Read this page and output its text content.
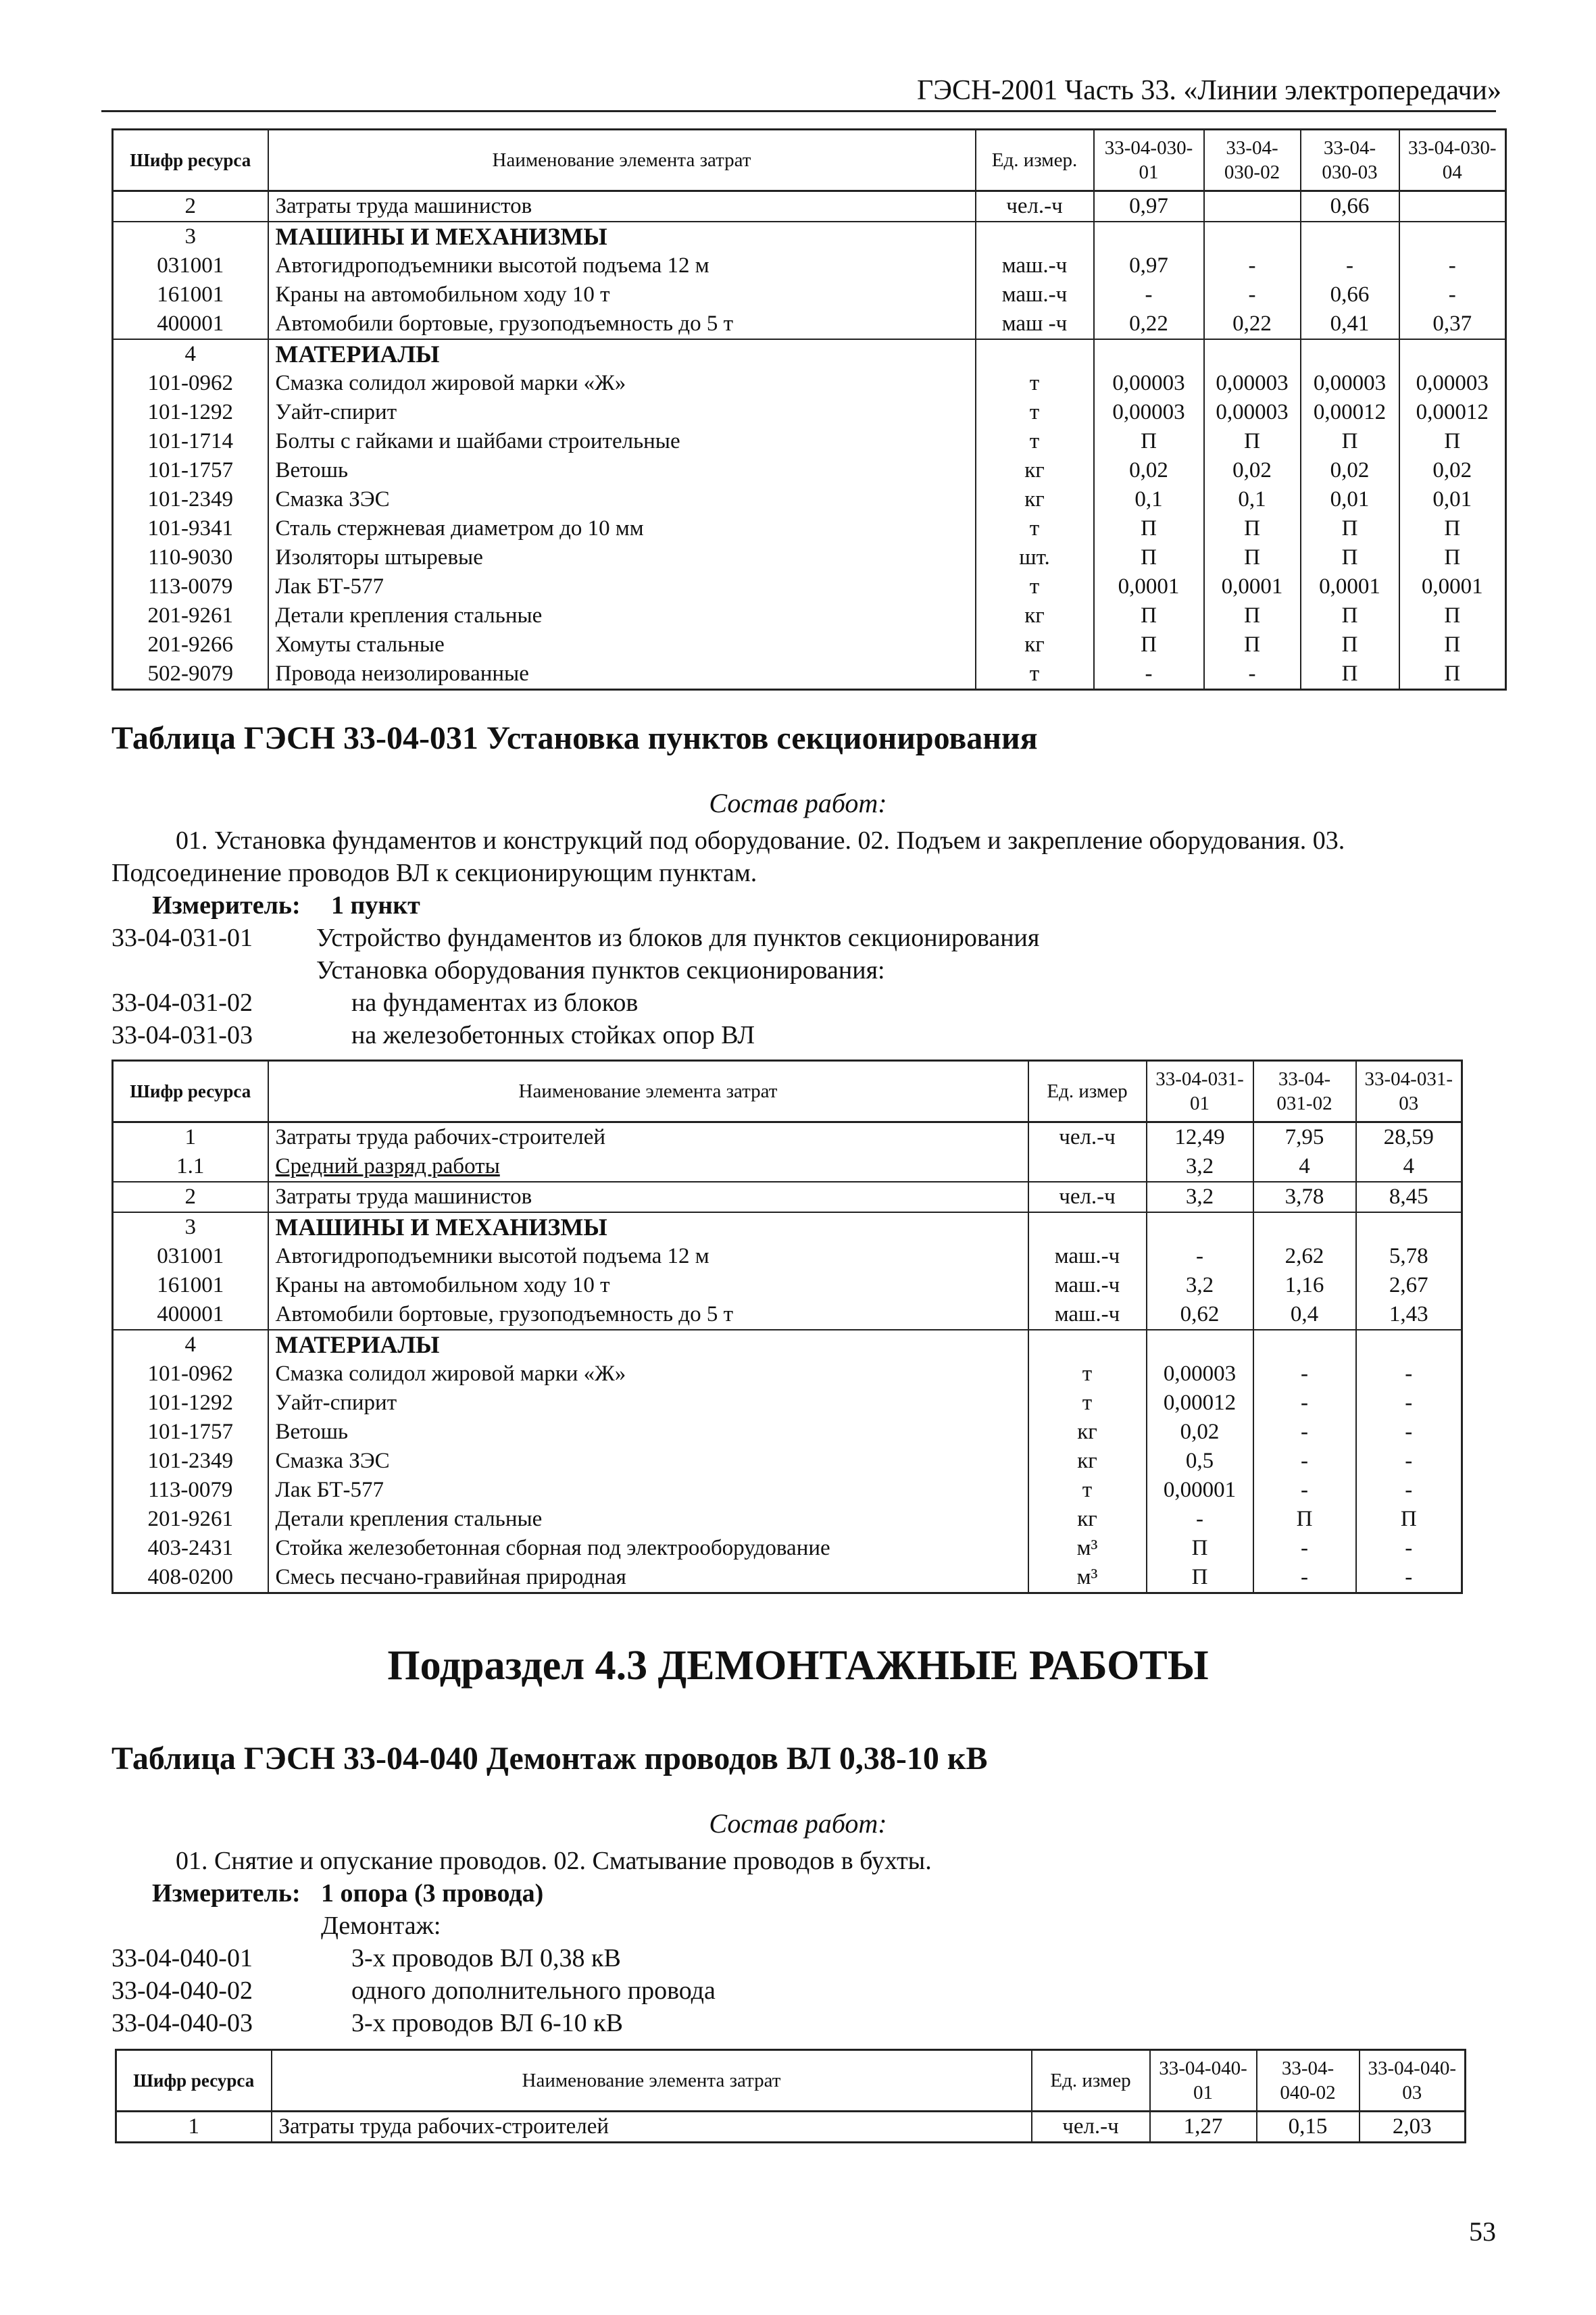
ГЭСН-2001 Часть 33. «Линии электропередачи»
Шифр ресурса	Наименование элемента затрат	Ед. измер.	33-04-030-01	33-04-030-02	33-04-030-03	33-04-030-04
2	Затраты труда машинистов	чел.-ч	0,97		0,66	
3	МАШИНЫ И МЕХАНИЗМЫ					
031001	Автогидроподъемники высотой подъема 12 м	маш.-ч	0,97	-	-	-
161001	Краны на автомобильном ходу 10 т	маш.-ч	-	-	0,66	-
400001	Автомобили бортовые, грузоподъемность до 5 т	маш -ч	0,22	0,22	0,41	0,37
4	МАТЕРИАЛЫ					
101-0962	Смазка солидол жировой марки «Ж»	т	0,00003	0,00003	0,00003	0,00003
101-1292	Уайт-спирит	т	0,00003	0,00003	0,00012	0,00012
101-1714	Болты с гайками и шайбами строительные	т	П	П	П	П
101-1757	Ветошь	кг	0,02	0,02	0,02	0,02
101-2349	Смазка ЗЭС	кг	0,1	0,1	0,01	0,01
101-9341	Сталь стержневая диаметром до 10 мм	т	П	П	П	П
110-9030	Изоляторы штыревые	шт.	П	П	П	П
113-0079	Лак БТ-577	т	0,0001	0,0001	0,0001	0,0001
201-9261	Детали крепления стальные	кг	П	П	П	П
201-9266	Хомуты стальные	кг	П	П	П	П
502-9079	Провода неизолированные	т	-	-	П	П
Таблица ГЭСН 33-04-031 Установка пунктов секционирования
Состав работ:
01. Установка фундаментов и конструкций под оборудование. 02. Подъем и закрепление оборудования. 03.
Подсоединение проводов ВЛ к секционирующим пунктам.
Измеритель: 1 пункт
33-04-031-01 Устройство фундаментов из блоков для пунктов секционирования
Установка оборудования пунктов секционирования:
33-04-031-02	на фундаментах из блоков
33-04-031-03	на железобетонных стойках опор ВЛ
Шифр ресурса	Наименование элемента затрат	Ед. измер	33-04-031-01	33-04-031-02	33-04-031-03
1	Затраты труда рабочих-строителей	чел.-ч	12,49	7,95	28,59
1.1	Средний разряд работы		3,2	4	4
2	Затраты труда машинистов	чел.-ч	3,2	3,78	8,45
3	МАШИНЫ И МЕХАНИЗМЫ				
031001	Автогидроподъемники высотой подъема 12 м	маш.-ч	-	2,62	5,78
161001	Краны на автомобильном ходу 10 т	маш.-ч	3,2	1,16	2,67
400001	Автомобили бортовые, грузоподъемность до 5 т	маш.-ч	0,62	0,4	1,43
4	МАТЕРИАЛЫ				
101-0962	Смазка солидол жировой марки «Ж»	т	0,00003	-	-
101-1292	Уайт-спирит	т	0,00012	-	-
101-1757	Ветошь	кг	0,02	-	-
101-2349	Смазка ЗЭС	кг	0,5	-	-
113-0079	Лак БТ-577	т	0,00001	-	-
201-9261	Детали крепления стальные	кг	-	П	П
403-2431	Стойка железобетонная сборная под электрооборудование	м³	П	-	-
408-0200	Смесь песчано-гравийная природная	м³	П	-	-
Подраздел 4.3 ДЕМОНТАЖНЫЕ РАБОТЫ
Таблица ГЭСН 33-04-040 Демонтаж проводов ВЛ 0,38-10 кВ
Состав работ:
01. Снятие и опускание проводов. 02. Сматывание проводов в бухты.
Измеритель: 1 опора (3 провода)
Демонтаж:
33-04-040-01	3-х проводов ВЛ 0,38 кВ
33-04-040-02	одного дополнительного провода
33-04-040-03	3-х проводов ВЛ 6-10 кВ
Шифр ресурса	Наименование элемента затрат	Ед. измер	33-04-040-01	33-04-040-02	33-04-040-03
1	Затраты труда рабочих-строителей	чел.-ч	1,27	0,15	2,03
53
